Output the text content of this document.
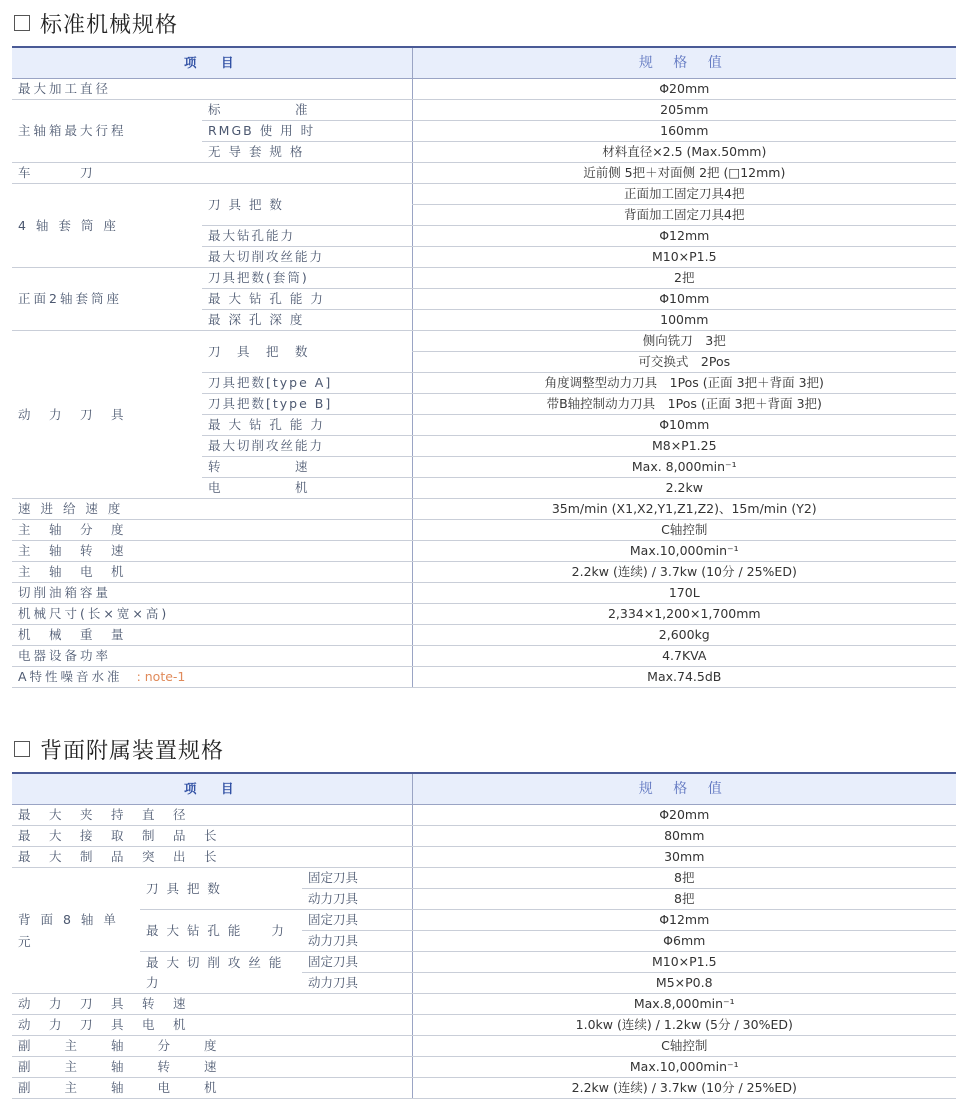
标准机械规格
项　目		规 格 值
最大加工直径		Φ20mm
主轴箱最大行程	标　　　　　准	205mm
	RMGB 使 用 时	160mm
	无 导 套 规 格	材料直径×2.5 (Max.50mm)
车　　　刀		近前侧 5把＋对面侧 2把 (□12mm)
4 轴 套 筒 座	刀 具 把 数	正面加工固定刀具4把
		背面加工固定刀具4把
	最大钻孔能力	Φ12mm
	最大切削攻丝能力	M10×P1.5
正面2轴套筒座	刀具把数(套筒)	2把
	最 大 钻 孔 能 力	Φ10mm
	最 深 孔 深 度	100mm
动　力　刀　具	刀　具　把　数	侧向铣刀　3把
		可交换式　2Pos
	刀具把数[type A]	角度调整型动力刀具　1Pos (正面 3把＋背面 3把)
	刀具把数[type B]	带B轴控制动力刀具　1Pos (正面 3把＋背面 3把)
	最 大 钻 孔 能 力	Φ10mm
	最大切削攻丝能力	M8×P1.25
	转　　　　　速	Max. 8,000min⁻¹
	电　　　　　机	2.2kw
速 进 给 速 度		35m/min (X1,X2,Y1,Z1,Z2)、15m/min (Y2)
主　轴　分　度		C轴控制
主　轴　转　速		Max.10,000min⁻¹
主　轴　电　机		2.2kw (连续) / 3.7kw (10分 / 25%ED)
切削油箱容量		170L
机械尺寸(长×宽×高)		2,334×1,200×1,700mm
机　械　重　量		2,600kg
电器设备功率		4.7KVA
A特性噪音水准 : note-1		Max.74.5dB
背面附属装置规格
项　目			规 格 值
最　大　夹　持　直　径			Φ20mm
最　大　接　取　制　品　长			80mm
最　大　制　品　突　出　长			30mm
背 面 8 轴 单　　元	刀 具 把 数	固定刀具	8把
		动力刀具	8把
	最 大 钻 孔 能　　力	固定刀具	Φ12mm
		动力刀具	Φ6mm
	最 大 切 削 攻 丝 能 力	固定刀具	M10×P1.5
		动力刀具	M5×P0.8
动　力　刀　具　转　速			Max.8,000min⁻¹
动　力　刀　具　电　机			1.0kw (连续) / 1.2kw (5分 / 30%ED)
副　　主　　轴　　分　　度			C轴控制
副　　主　　轴　　转　　速			Max.10,000min⁻¹
副　　主　　轴　　电　　机			2.2kw (连续) / 3.7kw (10分 / 25%ED)
